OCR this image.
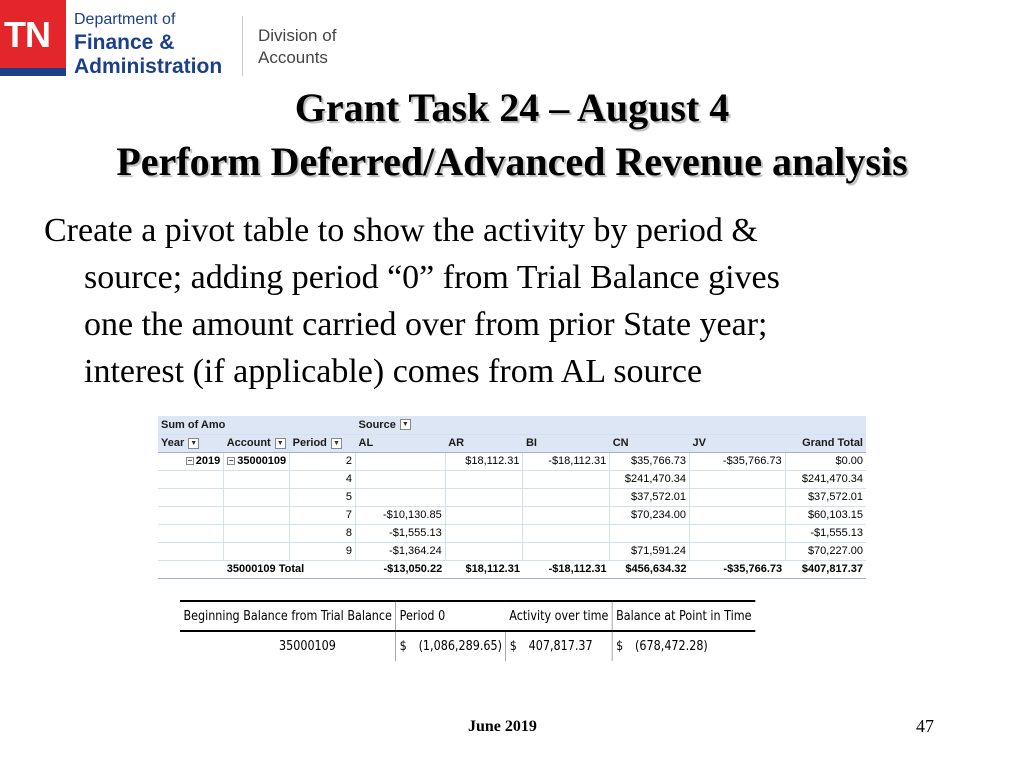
TN Department of
Finance &
Administration
Division of
Accounts
Grant Task 24 – August 4
Perform Deferred/Advanced Revenue analysis
Create a pivot table to show the activity by period &
source; adding period “0” from Trial Balance gives
one the amount carried over from prior State year;
interest (if applicable) comes from AL source
Sum of Amo			Source ▼					
Year ▼	Account ▼	Period ▼	AL	AR	BI	CN	JV	Grand Total
− 2019	− 35000109	2		$18,112.31	-$18,112.31	$35,766.73	-$35,766.73	$0.00
		4				$241,470.34		$241,470.34
		5				$37,572.01		$37,572.01
		7	-$10,130.85			$70,234.00		$60,103.15
		8	-$1,555.13					-$1,555.13
		9	-$1,364.24			$71,591.24		$70,227.00
	35000109 Total		-$13,050.22	$18,112.31	-$18,112.31	$456,634.32	-$35,766.73	$407,817.37
Beginning Balance from Trial Balance	Period 0	Activity over time	Balance at Point in Time
35000109	$ (1,086,289.65)	$ 407,817.37	$ (678,472.28)
June 2019	47
